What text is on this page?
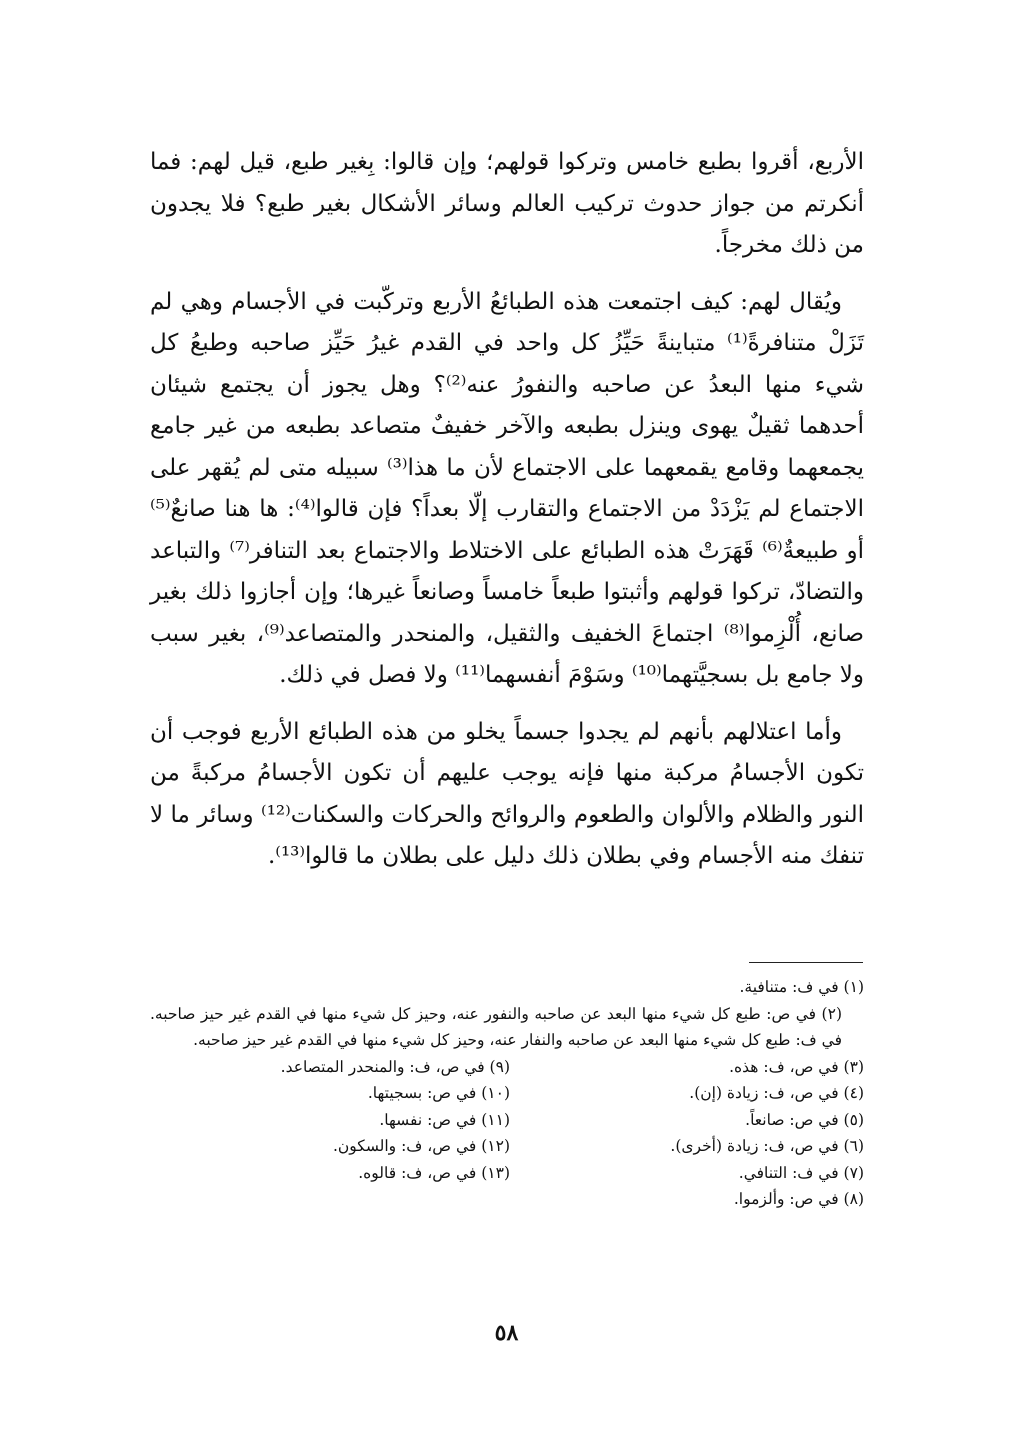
الأربع، أقروا بطبع خامس وتركوا قولهم؛ وإن قالوا: بِغير طبع، قيل لهم: فما أنكرتم من جواز حدوث تركيب العالم وسائر الأشكال بغير طبع؟ فلا يجدون من ذلك مخرجاً.

ويُقال لهم: كيف اجتمعت هذه الطبائعُ الأربع وتركّبت في الأجسام وهي لم تَزَلْ متنافرةً⁽¹⁾ متباينةً حَيِّزُ كل واحد في القدم غيرُ حَيِّز صاحبه وطبعُ كل شيء منها البعدُ عن صاحبه والنفورُ عنه⁽²⁾؟ وهل يجوز أن يجتمع شيئان أحدهما ثقيلٌ يهوى وينزل بطبعه والآخر خفيفٌ متصاعد بطبعه من غير جامع يجمعهما وقامع يقمعهما على الاجتماع لأن ما هذا⁽³⁾ سبيله متى لم يُقهر على الاجتماع لم يَزْدَدْ من الاجتماع والتقارب إلّا بعداً؟ فإن قالوا⁽⁴⁾: ها هنا صانعٌ⁽⁵⁾ أو طبيعةٌ⁽⁶⁾ قَهَرَتْ هذه الطبائع على الاختلاط والاجتماع بعد التنافر⁽⁷⁾ والتباعد والتضادّ، تركوا قولهم وأثبتوا طبعاً خامساً وصانعاً غيرها؛ وإن أجازوا ذلك بغير صانع، أُلْزِموا⁽⁸⁾ اجتماعَ الخفيف والثقيل، والمنحدر والمتصاعد⁽⁹⁾، بغير سبب ولا جامع بل بسجيَّتهما⁽¹⁰⁾ وسَوْمَ أنفسهما⁽¹¹⁾ ولا فصل في ذلك.

وأما اعتلالهم بأنهم لم يجدوا جسماً يخلو من هذه الطبائع الأربع فوجب أن تكون الأجسامُ مركبة منها فإنه يوجب عليهم أن تكون الأجسامُ مركبةً من النور والظلام والألوان والطعوم والروائح والحركات والسكنات⁽¹²⁾ وسائر ما لا تنفك منه الأجسام وفي بطلان ذلك دليل على بطلان ما قالوا⁽¹³⁾.

(١) في ف: متنافية.

(٢) في ص: طبع كل شيء منها البعد عن صاحبه والنفور عنه، وحيز كل شيء منها في القدم غير حيز صاحبه. في ف: طبع كل شيء منها البعد عن صاحبه والنفار عنه، وحيز كل شيء منها في القدم غير حيز صاحبه.

(٣) في ص، ف: هذه.

(٤) في ص، ف: زيادة (إن).

(٥) في ص: صانعاً.

(٦) في ص، ف: زيادة (أخرى).

(٧) في ف: التنافي.

(٨) في ص: وألزموا.

(٩) في ص، ف: والمنحدر المتصاعد.

(١٠) في ص: بسجيتها.

(١١) في ص: نفسها.

(١٢) في ص، ف: والسكون.

(١٣) في ص، ف: قالوه.

٥٨
